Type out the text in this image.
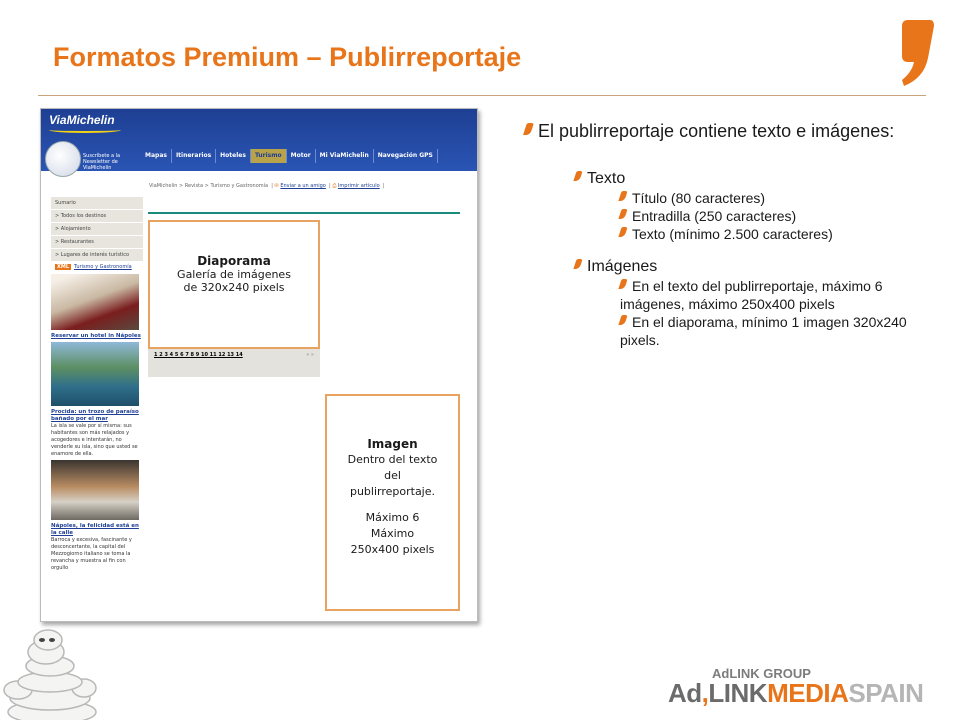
Formatos Premium – Publirreportaje
ViaMichelin
Suscríbete a la Newsletter de ViaMichelin
Mapas	Itinerarios	Hoteles	Turismo	Motor	Mi ViaMichelin	Navegación GPS
ViaMichelin > Revista > Turismo y Gastronomía  | ✉ Enviar a un amigo  | ⎙ Imprimir artículo  |
Sumario
> Todos los destinos
> Alojamiento
> Restaurantes
> Lugares de interés turístico
XML Turismo y Gastronomía
Reservar un hotel in Nápoles
Procida: un trozo de paraíso bañado por el mar
La isla se vale por sí misma: sus habitantes son más relajados y acogedores e intentarán, no venderle su isla, sino que usted se enamore de ella.
Nápoles, la felicidad está en la calle
Barroca y excesiva, fascinante y desconcertante, la capital del Mezzogiorno italiano se toma la revancha y muestra al fin con orgullo
Diaporama
Galería de imágenes
de 320x240 pixels
1 2 3 4 5 6 7 8 9 10 11 12 13 14	« »
Imagen
Dentro del texto
del
publirreportaje.
Máximo 6
Máximo
250x400 pixels
El publirreportaje contiene texto e imágenes:
Texto
Título (80 caracteres)
Entradilla (250 caracteres)
Texto (mínimo 2.500 caracteres)
Imágenes
En el texto del publirreportaje, máximo 6 imágenes, máximo 250x400 pixels
En el diaporama, mínimo 1 imagen 320x240 pixels.
AdLINK GROUP
Ad,LINKMEDIASPAIN
